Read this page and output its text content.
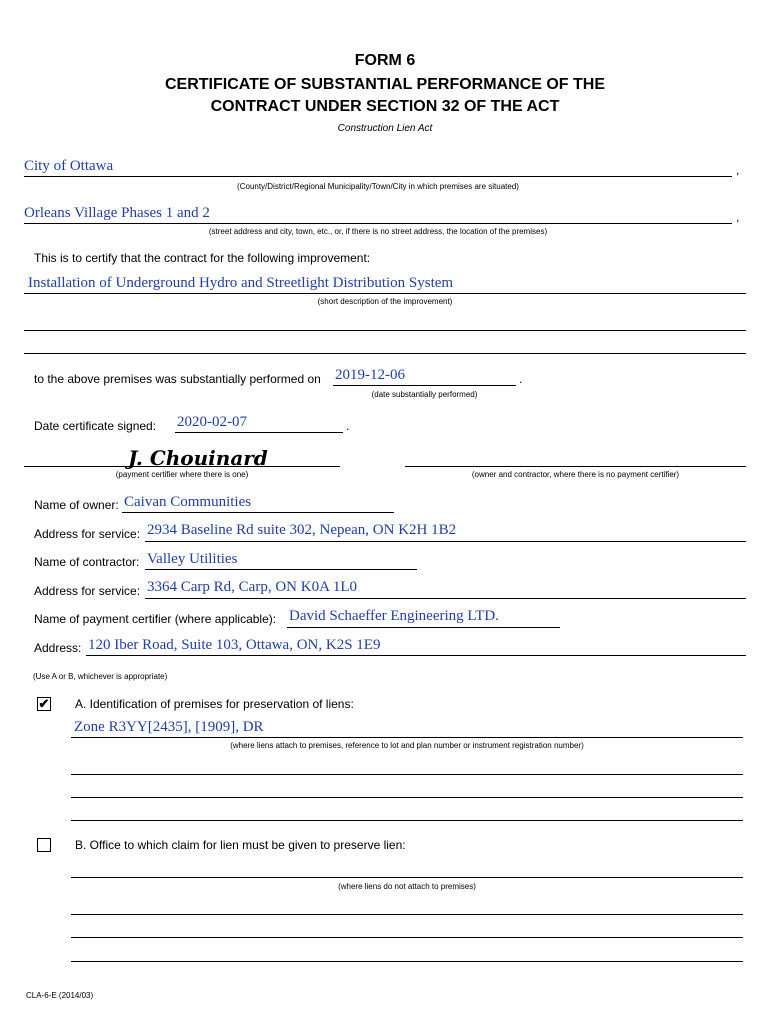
FORM 6
CERTIFICATE OF SUBSTANTIAL PERFORMANCE OF THE
CONTRACT UNDER SECTION 32 OF THE ACT
Construction Lien Act
City of Ottawa	,
(County/District/Regional Municipality/Town/City in which premises are situated)
Orleans Village Phases 1 and 2	,
(street address and city, town, etc., or, if there is no street address, the location of the premises)
This is to certify that the contract for the following improvement:
Installation of Underground Hydro and Streetlight Distribution System
(short description of the improvement)
to the above premises was substantially performed on 2019-12-06	.
(date substantially performed)
Date certificate signed: 2020-02-07	.
J. Chouinard
(payment certifier where there is one)	(owner and contractor, where there is no payment certifier)
Name of owner: Caivan Communities
Address for service: 2934 Baseline Rd suite 302, Nepean, ON K2H 1B2
Name of contractor: Valley Utilities
Address for service: 3364 Carp Rd, Carp, ON K0A 1L0
Name of payment certifier (where applicable): David Schaeffer Engineering LTD.
Address: 120 Iber Road, Suite 103, Ottawa, ON, K2S 1E9
(Use A or B, whichever is appropriate)
✔ A. Identification of premises for preservation of liens:
Zone R3YY[2435], [1909], DR
(where liens attach to premises, reference to lot and plan number or instrument registration number)
B. Office to which claim for lien must be given to preserve lien:
(where liens do not attach to premises)
CLA-6-E (2014/03)
